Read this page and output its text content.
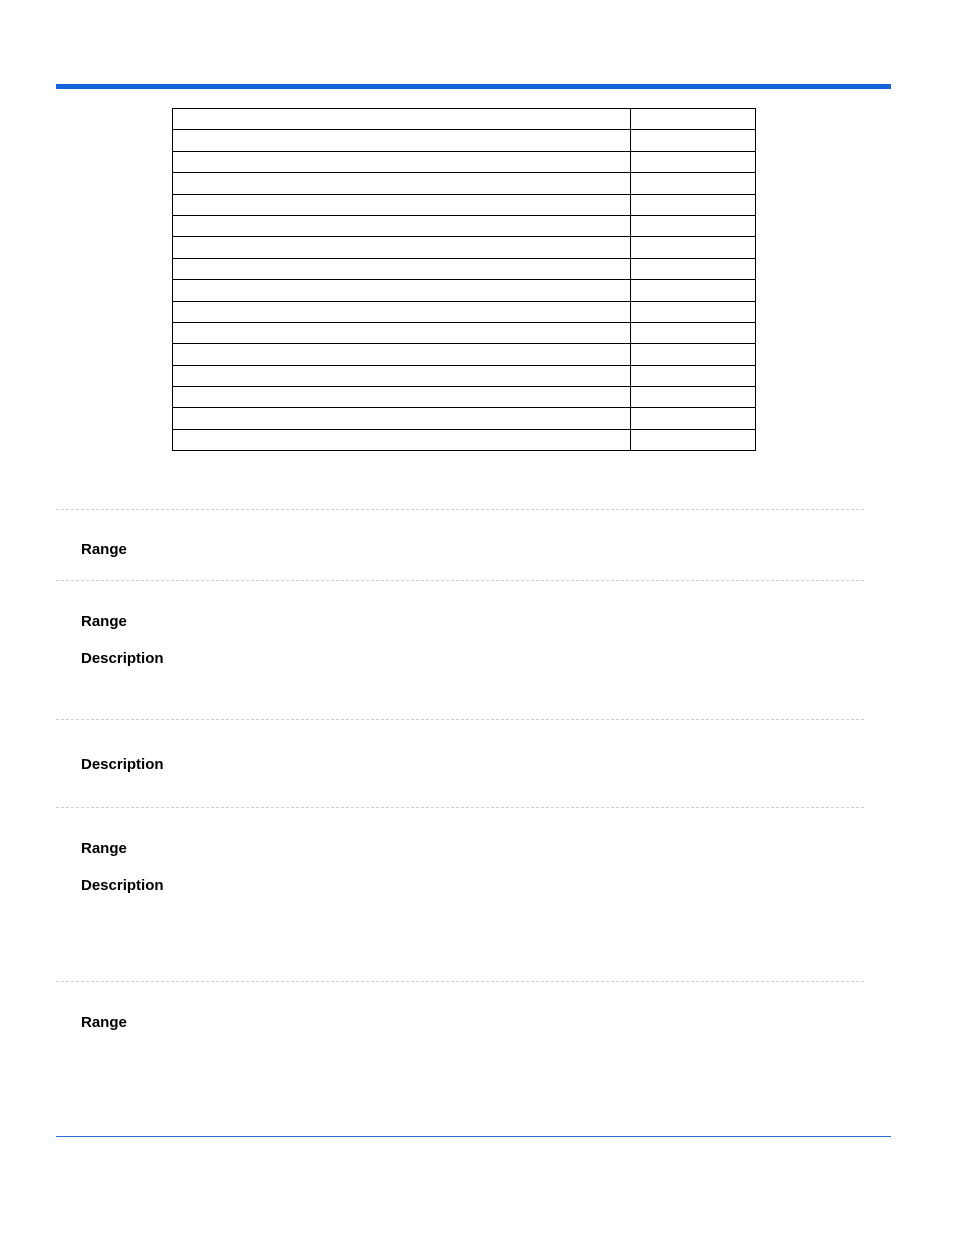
Range
Range
Description
Description
Range
Description
Range
